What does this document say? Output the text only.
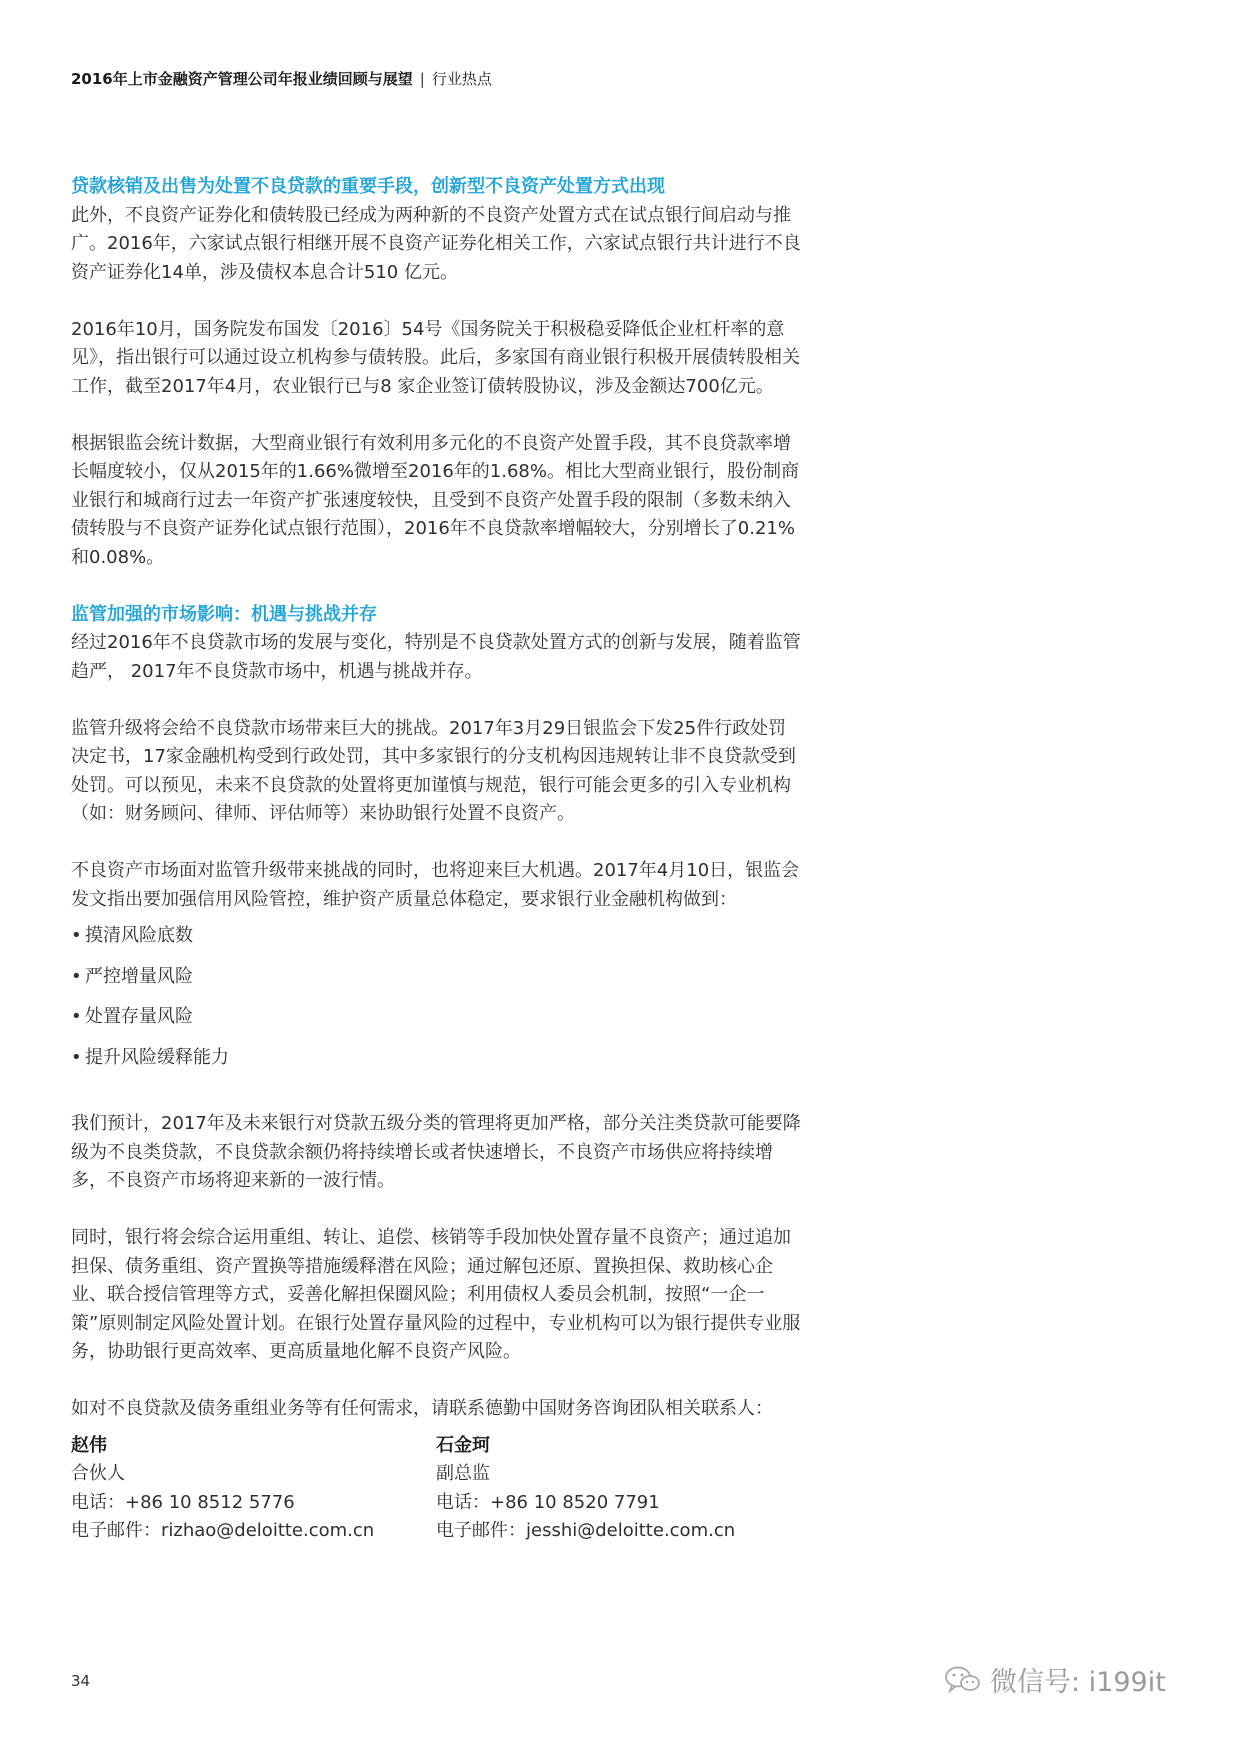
2016年上市金融资产管理公司年报业绩回顾与展望 | 行业热点
贷款核销及出售为处置不良贷款的重要手段，创新型不良资产处置方式出现

此外，不良资产证券化和债转股已经成为两种新的不良资产处置方式在试点银行间启动与推广。2016年，六家试点银行相继开展不良资产证券化相关工作，六家试点银行共计进行不良资产证券化14单，涉及债权本息合计510 亿元。

2016年10月，国务院发布国发〔2016〕54号《国务院关于积极稳妥降低企业杠杆率的意见》，指出银行可以通过设立机构参与债转股。此后，多家国有商业银行积极开展债转股相关工作，截至2017年4月，农业银行已与8 家企业签订债转股协议，涉及金额达700亿元。

根据银监会统计数据，大型商业银行有效利用多元化的不良资产处置手段，其不良贷款率增长幅度较小，仅从2015年的1.66%微增至2016年的1.68%。相比大型商业银行，股份制商业银行和城商行过去一年资产扩张速度较快，且受到不良资产处置手段的限制（多数未纳入债转股与不良资产证券化试点银行范围），2016年不良贷款率增幅较大，分别增长了0.21%和0.08%。

监管加强的市场影响：机遇与挑战并存

经过2016年不良贷款市场的发展与变化，特别是不良贷款处置方式的创新与发展，随着监管趋严， 2017年不良贷款市场中，机遇与挑战并存。

监管升级将会给不良贷款市场带来巨大的挑战。2017年3月29日银监会下发25件行政处罚决定书，17家金融机构受到行政处罚，其中多家银行的分支机构因违规转让非不良贷款受到处罚。可以预见，未来不良贷款的处置将更加谨慎与规范，银行可能会更多的引入专业机构（如：财务顾问、律师、评估师等）来协助银行处置不良资产。

不良资产市场面对监管升级带来挑战的同时，也将迎来巨大机遇。2017年4月10日，银监会发文指出要加强信用风险管控，维护资产质量总体稳定，要求银行业金融机构做到：

• 摸清风险底数
• 严控增量风险
• 处置存量风险
• 提升风险缓释能力

我们预计，2017年及未来银行对贷款五级分类的管理将更加严格，部分关注类贷款可能要降级为不良类贷款，不良贷款余额仍将持续增长或者快速增长，不良资产市场供应将持续增多，不良资产市场将迎来新的一波行情。

同时，银行将会综合运用重组、转让、追偿、核销等手段加快处置存量不良资产；通过追加担保、债务重组、资产置换等措施缓释潜在风险；通过解包还原、置换担保、救助核心企业、联合授信管理等方式，妥善化解担保圈风险；利用债权人委员会机制，按照“一企一策”原则制定风险处置计划。在银行处置存量风险的过程中，专业机构可以为银行提供专业服务，协助银行更高效率、更高质量地化解不良资产风险。

如对不良贷款及债务重组业务等有任何需求，请联系德勤中国财务咨询团队相关联系人：

赵伟
合伙人
电话：+86 10 8512 5776
电子邮件：rizhao@deloitte.com.cn
石金珂
副总监
电话：+86 10 8520 7791
电子邮件：jesshi@deloitte.com.cn
34	微信号: i199it
